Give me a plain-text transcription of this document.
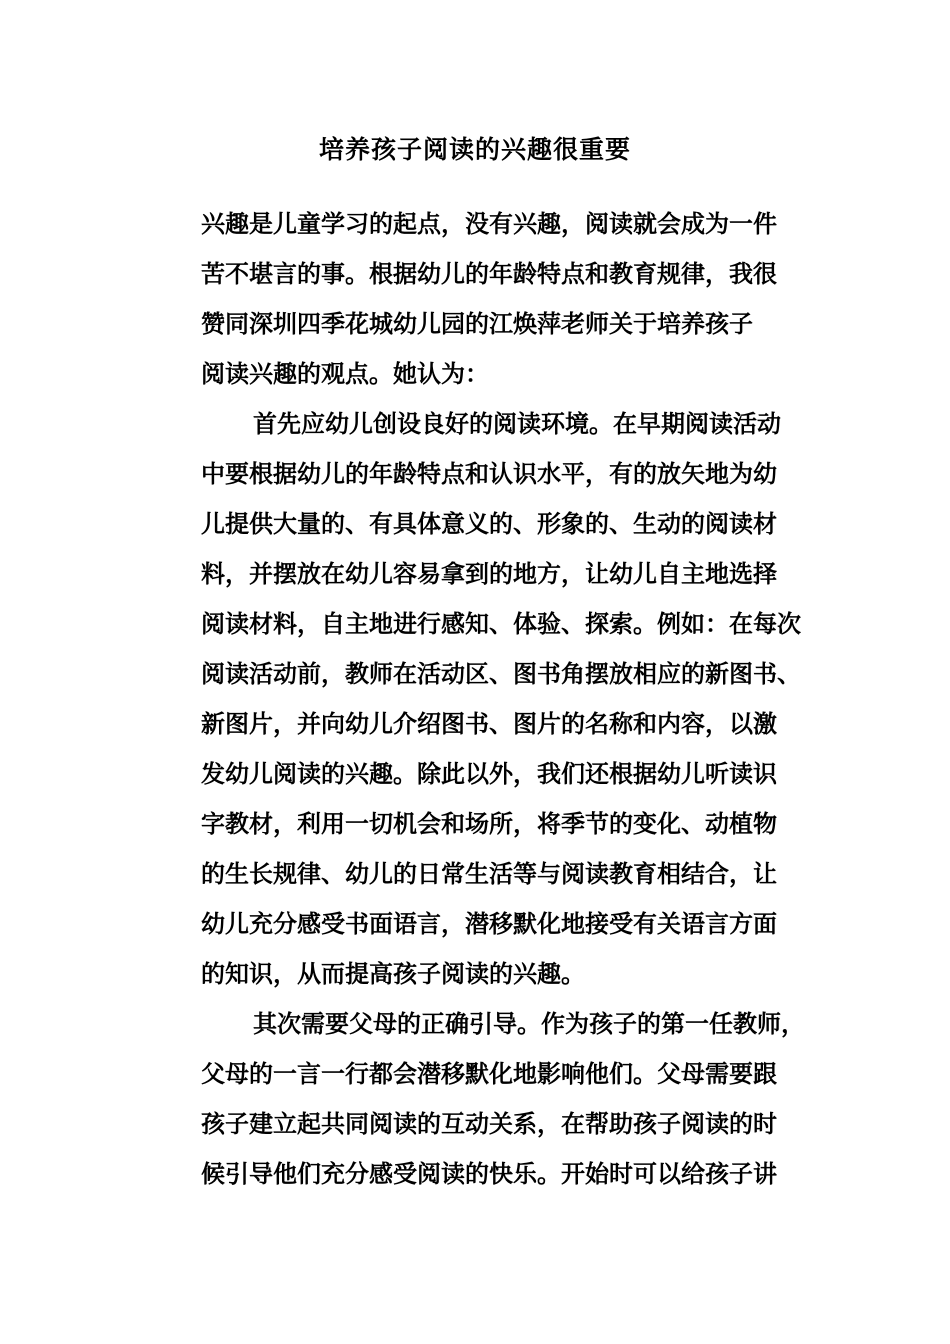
培养孩子阅读的兴趣很重要
兴趣是儿童学习的起点，没有兴趣，阅读就会成为一件
苦不堪言的事。根据幼儿的年龄特点和教育规律，我很
赞同深圳四季花城幼儿园的江焕萍老师关于培养孩子
阅读兴趣的观点。她认为：
首先应幼儿创设良好的阅读环境。在早期阅读活动
中要根据幼儿的年龄特点和认识水平，有的放矢地为幼
儿提供大量的、有具体意义的、形象的、生动的阅读材
料，并摆放在幼儿容易拿到的地方，让幼儿自主地选择
阅读材料，自主地进行感知、体验、探索。例如：在每次
阅读活动前，教师在活动区、图书角摆放相应的新图书、
新图片，并向幼儿介绍图书、图片的名称和内容，以激
发幼儿阅读的兴趣。除此以外，我们还根据幼儿听读识
字教材，利用一切机会和场所，将季节的变化、动植物
的生长规律、幼儿的日常生活等与阅读教育相结合，让
幼儿充分感受书面语言，潜移默化地接受有关语言方面
的知识，从而提高孩子阅读的兴趣。
其次需要父母的正确引导。作为孩子的第一任教师，
父母的一言一行都会潜移默化地影响他们。父母需要跟
孩子建立起共同阅读的互动关系，在帮助孩子阅读的时
候引导他们充分感受阅读的快乐。开始时可以给孩子讲
